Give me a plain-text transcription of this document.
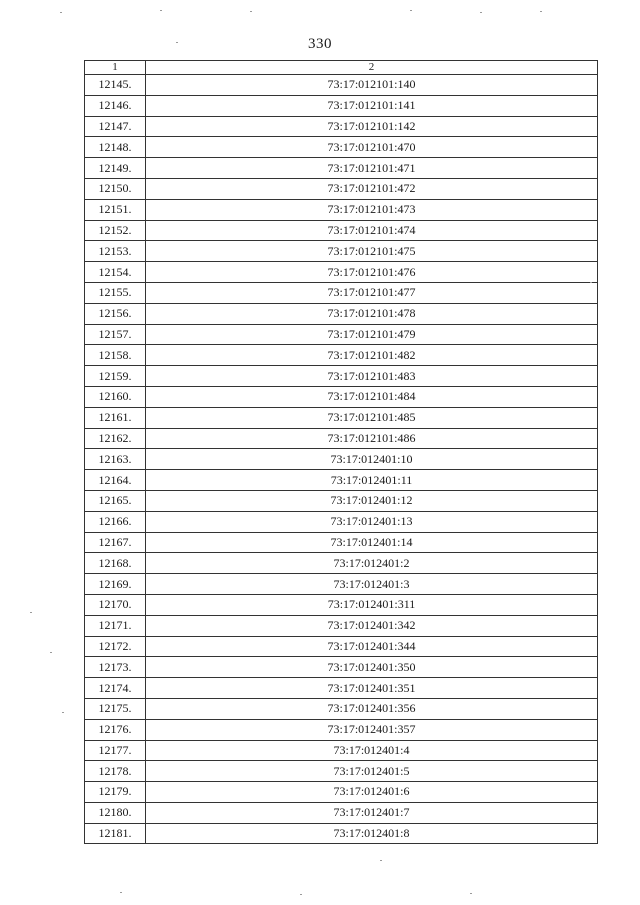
330
1	2
12145.	73:17:012101:140
12146.	73:17:012101:141
12147.	73:17:012101:142
12148.	73:17:012101:470
12149.	73:17:012101:471
12150.	73:17:012101:472
12151.	73:17:012101:473
12152.	73:17:012101:474
12153.	73:17:012101:475
12154.	73:17:012101:476
12155.	73:17:012101:477
12156.	73:17:012101:478
12157.	73:17:012101:479
12158.	73:17:012101:482
12159.	73:17:012101:483
12160.	73:17:012101:484
12161.	73:17:012101:485
12162.	73:17:012101:486
12163.	73:17:012401:10
12164.	73:17:012401:11
12165.	73:17:012401:12
12166.	73:17:012401:13
12167.	73:17:012401:14
12168.	73:17:012401:2
12169.	73:17:012401:3
12170.	73:17:012401:311
12171.	73:17:012401:342
12172.	73:17:012401:344
12173.	73:17:012401:350
12174.	73:17:012401:351
12175.	73:17:012401:356
12176.	73:17:012401:357
12177.	73:17:012401:4
12178.	73:17:012401:5
12179.	73:17:012401:6
12180.	73:17:012401:7
12181.	73:17:012401:8
